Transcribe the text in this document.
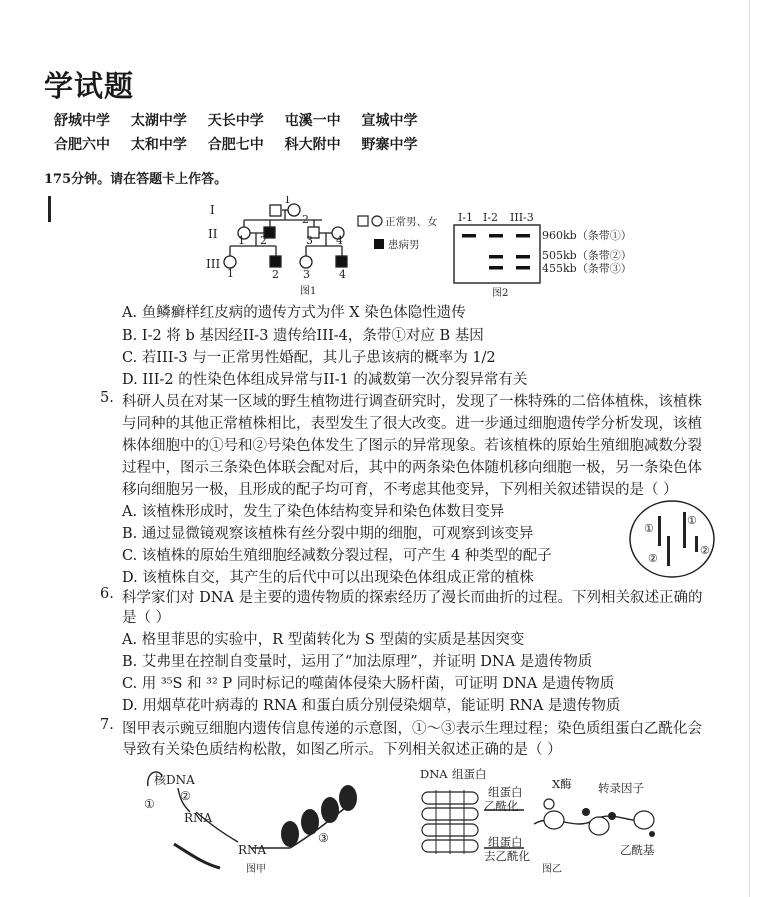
学试题
舒城中学 太湖中学 天长中学 屯溪一中 宣城中学
合肥六中 太和中学 合肥七中 科大附中 野寨中学
175分钟。请在答题卡上作答。
I
II
III
1
2
1 2	3 4
1	2 3	4
图1
正常男、女
患病男
I-1 I-2 III-3
960kb（条带①）
505kb（条带②）
455kb（条带③）
图2
A. 鱼鳞癣样红皮病的遗传方式为伴 X 染色体隐性遗传
B. I-2 将 b 基因经II-3 遗传给III-4，条带①对应 B 基因
C. 若III-3 与一正常男性婚配，其儿子患该病的概率为 1/2
D. III-2 的性染色体组成异常与II-1 的减数第一次分裂异常有关
5. 科研人员在对某一区域的野生植物进行调查研究时，发现了一株特殊的二倍体植株，该植株
与同种的其他正常植株相比，表型发生了很大改变。进一步通过细胞遗传学分析发现，该植
株体细胞中的①号和②号染色体发生了图示的异常现象。若该植株的原始生殖细胞减数分裂
过程中，图示三条染色体联会配对后，其中的两条染色体随机移向细胞一极，另一条染色体
移向细胞另一极，且形成的配子均可育，不考虑其他变异，下列相关叙述错误的是（ ）
A. 该植株形成时，发生了染色体结构变异和染色体数目变异
B. 通过显微镜观察该植株有丝分裂中期的细胞，可观察到该变异
C. 该植株的原始生殖细胞经减数分裂过程，可产生 4 种类型的配子
D. 该植株自交，其产生的后代中可以出现染色体组成正常的植株
①
①
②
②
6. 科学家们对 DNA 是主要的遗传物质的探索经历了漫长而曲折的过程。下列相关叙述正确的
是（ ）
A. 格里菲思的实验中，R 型菌转化为 S 型菌的实质是基因突变
B. 艾弗里在控制自变量时，运用了“加法原理”，并证明 DNA 是遗传物质
C. 用 ³⁵S 和 ³² P 同时标记的噬菌体侵染大肠杆菌，可证明 DNA 是遗传物质
D. 用烟草花叶病毒的 RNA 和蛋白质分别侵染烟草，能证明 RNA 是遗传物质
7. 图甲表示豌豆细胞内遗传信息传递的示意图，①～③表示生理过程；染色质组蛋白乙酰化会
导致有关染色质结构松散，如图乙所示。下列相关叙述正确的是（ ）
核DNA
②
①
RNA
RNA
③
图甲
DNA 组蛋白
组蛋白
乙酰化
X酶 转录因子
组蛋白
去乙酰化	乙酰基
图乙
